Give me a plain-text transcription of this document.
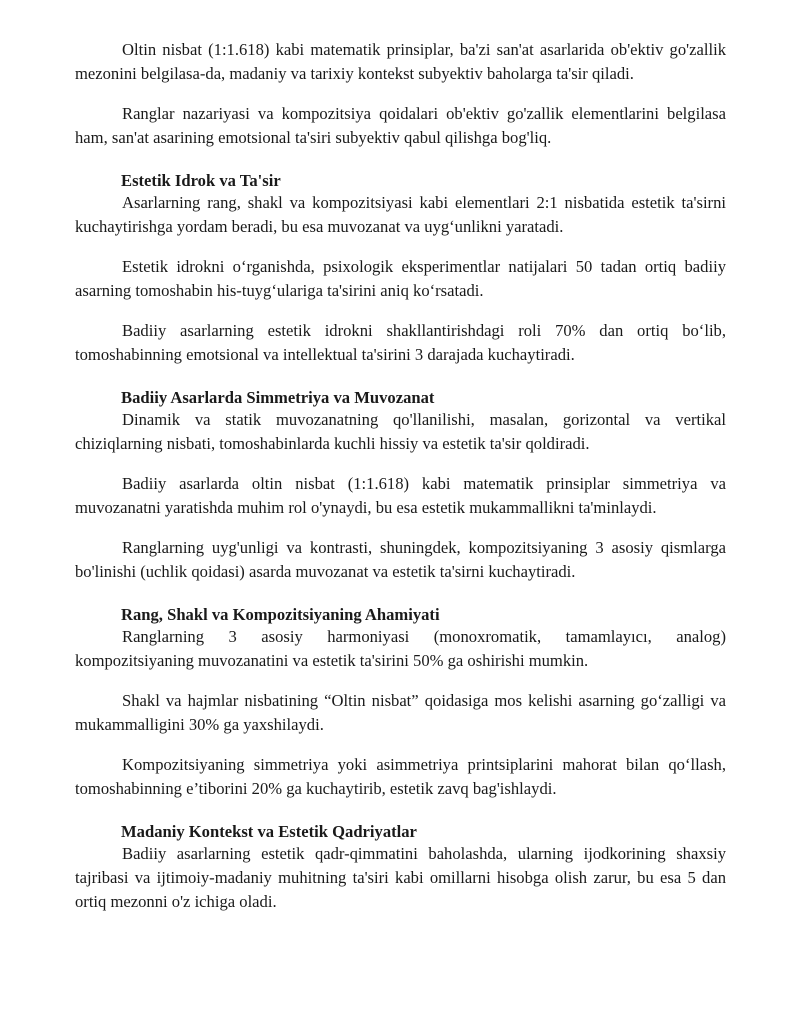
Oltin nisbat (1:1.618) kabi matematik prinsiplar, ba'zi san'at asarlarida ob'ektiv go'zallik mezonini belgilasa-da, madaniy va tarixiy kontekst subyektiv baholarga ta'sir qiladi.

Ranglar nazariyasi va kompozitsiya qoidalari ob'ektiv go'zallik elementlarini belgilasa ham, san'at asarining emotsional ta'siri subyektiv qabul qilishga bog'liq.

Estetik Idrok va Ta'sir

Asarlarning rang, shakl va kompozitsiyasi kabi elementlari 2:1 nisbatida estetik ta'sirni kuchaytirishga yordam beradi, bu esa muvozanat va uyg‘unlikni yaratadi.

Estetik idrokni o‘rganishda, psixologik eksperimentlar natijalari 50 tadan ortiq badiiy asarning tomoshabin his-tuyg‘ulariga ta'sirini aniq ko‘rsatadi.

Badiiy asarlarning estetik idrokni shakllantirishdagi roli 70% dan ortiq bo‘lib, tomoshabinning emotsional va intellektual ta'sirini 3 darajada kuchaytiradi.

Badiiy Asarlarda Simmetriya va Muvozanat

Dinamik va statik muvozanatning qo'llanilishi, masalan, gorizontal va vertikal chiziqlarning nisbati, tomoshabinlarda kuchli hissiy va estetik ta'sir qoldiradi.

Badiiy asarlarda oltin nisbat (1:1.618) kabi matematik prinsiplar simmetriya va muvozanatni yaratishda muhim rol o'ynaydi, bu esa estetik mukammallikni ta'minlaydi.

Ranglarning uyg'unligi va kontrasti, shuningdek, kompozitsiyaning 3 asosiy qismlarga bo'linishi (uchlik qoidasi) asarda muvozanat va estetik ta'sirni kuchaytiradi.

Rang, Shakl va Kompozitsiyaning Ahamiyati

Ranglarning 3 asosiy harmoniyasi (monoxromatik, tamamlayıcı, analog) kompozitsiyaning muvozanatini va estetik ta'sirini 50% ga oshirishi mumkin.

Shakl va hajmlar nisbatining “Oltin nisbat” qoidasiga mos kelishi asarning go‘zalligi va mukammalligini 30% ga yaxshilaydi.

Kompozitsiyaning simmetriya yoki asimmetriya printsiplarini mahorat bilan qo‘llash, tomoshabinning e’tiborini 20% ga kuchaytirib, estetik zavq bag'ishlaydi.

Madaniy Kontekst va Estetik Qadriyatlar

Badiiy asarlarning estetik qadr-qimmatini baholashda, ularning ijodkorining shaxsiy tajribasi va ijtimoiy-madaniy muhitning ta'siri kabi omillarni hisobga olish zarur, bu esa 5 dan ortiq mezonni o'z ichiga oladi.
